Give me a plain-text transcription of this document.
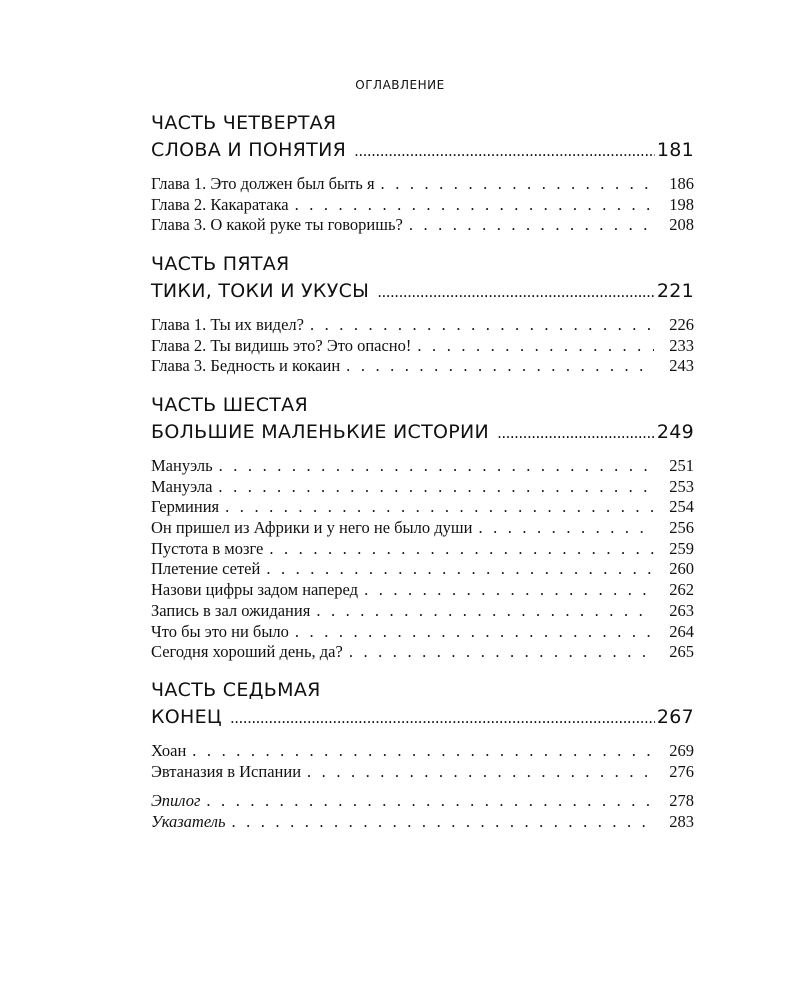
ОГЛАВЛЕНИЕ
ЧАСТЬ ЧЕТВЕРТАЯ
СЛОВА И ПОНЯТИЯ .....	181
Глава 1. Это должен был быть я . . .	186
Глава 2. Какаратака . . .	198
Глава 3. О какой руке ты говоришь? . . .	208
ЧАСТЬ ПЯТАЯ
ТИКИ, ТОКИ И УКУСЫ .....	221
Глава 1. Ты их видел? . . .	226
Глава 2. Ты видишь это? Это опасно! . . .	233
Глава 3. Бедность и кокаин . . .	243
ЧАСТЬ ШЕСТАЯ
БОЛЬШИЕ МАЛЕНЬКИЕ ИСТОРИИ .....	249
Мануэль . . .	251
Мануэла . . .	253
Герминия . . .	254
Он пришел из Африки и у него не было души . . .	256
Пустота в мозге . . .	259
Плетение сетей . . .	260
Назови цифры задом наперед . . .	262
Запись в зал ожидания . . .	263
Что бы это ни было . . .	264
Сегодня хороший день, да? . . .	265
ЧАСТЬ СЕДЬМАЯ
КОНЕЦ .....	267
Хоан . . .	269
Эвтаназия в Испании . . .	276
Эпилог . . .	278
Указатель . . .	283
